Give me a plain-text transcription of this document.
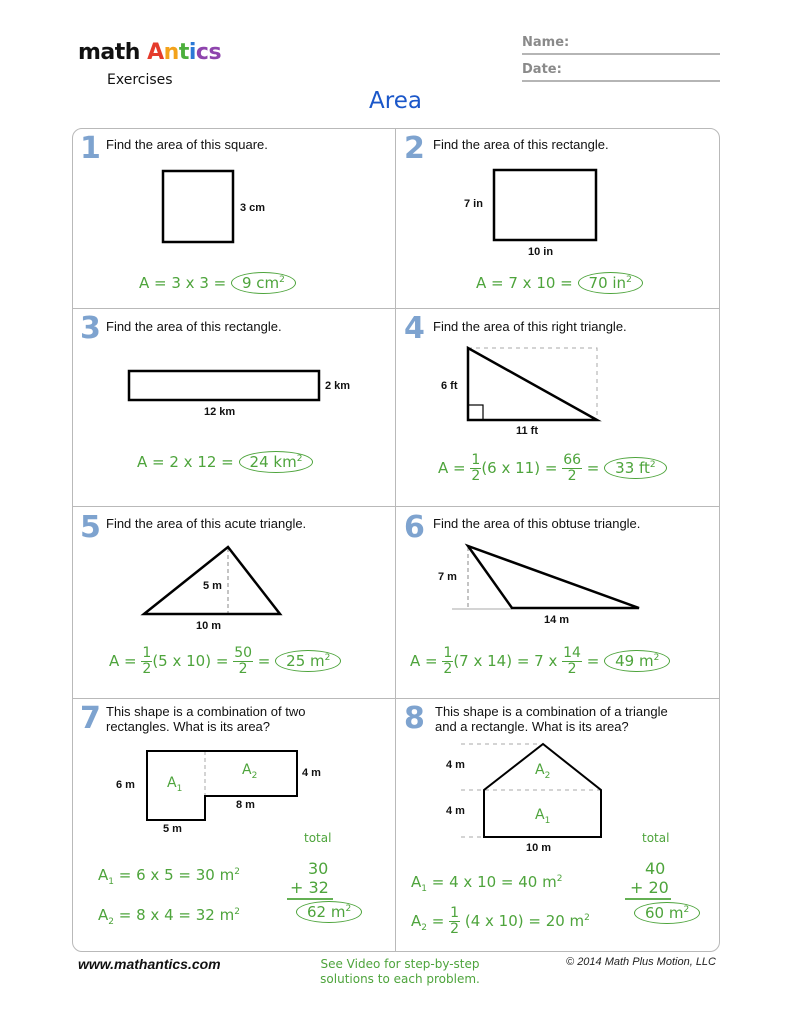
math Antics
Exercises
Name:
Date:
Area
1 Find the area of this square.
3 cm
A = 3 x 3 = 9 $cm^2$
2 Find the area of this rectangle.
7 in
10 in
A = 7 x 10 = 70 $in^2$
3 Find the area of this rectangle.
2 km
12 km
A = 2 x 12 = 24 $km^2$
4 Find the area of this right triangle.
6 ft
11 ft
$A = \frac{1}{2} (6$ x $11) = \frac{66}{2} = 33$ $ft^2$
5 Find the area of this acute triangle.
5 m
10 m
$A = \frac{1}{2} (5$ x $10) = \frac{50}{2} = 25$ $m^2$
6 Find the area of this obtuse triangle.
7 m
14 m
$A = \frac{1}{2} (7$ x 14) = 7 x $\frac{14}{2} = 49$ $m^2$
7 This shape is a combination of two
rectangles. What is its area?
6 m
4 m
8 m
5 m
$A_1$
$A_2$
total
$A_1 = 6$ x 5 = 30 $m^2$
$A_2 = 8$ x 4 = 32 $m^2$
30
+ 32
62 $m^2$
8 This shape is a combination of a triangle
and a rectangle. What is its area?
4 m
4 m
10 m
$A_2$
$A_1$
total
$A_1 = 4$ x 10 = 40 $m^2$
$A_2 = \frac{1}{2} (4$ x 10) = 20 $m^2$
40
+ 20
60 $m^2$
www.mathantics.com	See Video for step-by-step
solutions to each problem.
© 2014 Math Plus Motion, LLC
